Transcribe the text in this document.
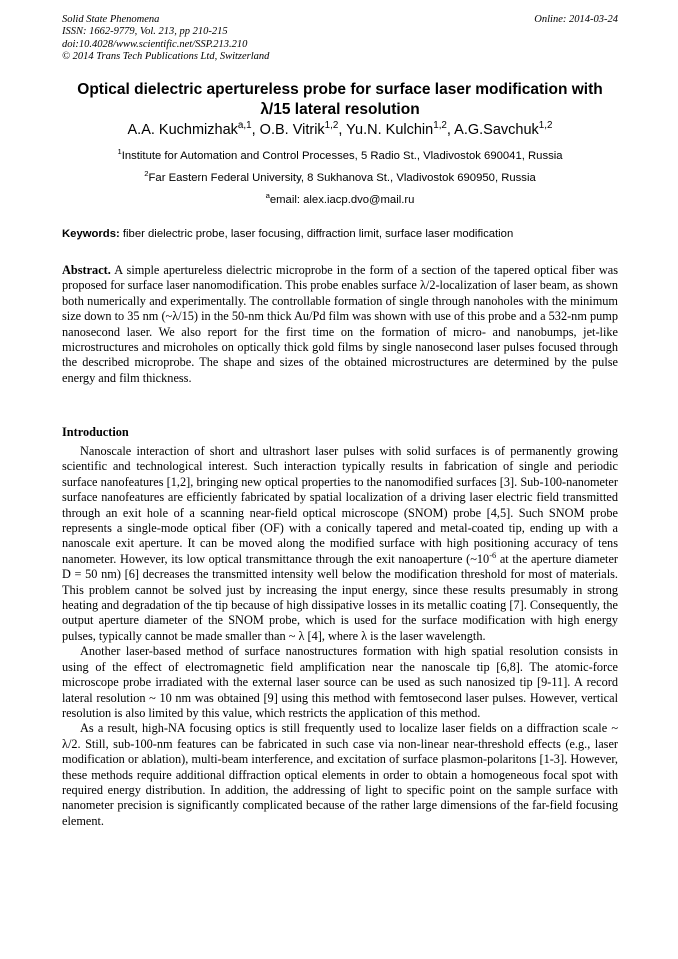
Solid State Phenomena
ISSN: 1662-9779, Vol. 213, pp 210-215
doi:10.4028/www.scientific.net/SSP.213.210
© 2014 Trans Tech Publications Ltd, Switzerland
Online: 2014-03-24
Optical dielectric apertureless probe for surface laser modification with λ/15 lateral resolution
A.A. Kuchmizhak$^{a,1}$, O.B. Vitrik$^{1,2}$, Yu.N. Kulchin$^{1,2}$, A.G.Savchuk$^{1,2}$
$^1$Institute for Automation and Control Processes, 5 Radio St., Vladivostok 690041, Russia
$^2$Far Eastern Federal University, 8 Sukhanova St., Vladivostok 690950, Russia
$^a$email: alex.iacp.dvo@mail.ru
Keywords: fiber dielectric probe, laser focusing, diffraction limit, surface laser modification

Abstract. A simple apertureless dielectric microprobe in the form of a section of the tapered optical fiber was proposed for surface laser nanomodification. This probe enables surface λ/2-localization of laser beam, as shown both numerically and experimentally. The controllable formation of single through nanoholes with the minimum size down to 35 nm (~λ/15) in the 50-nm thick Au/Pd film was shown with use of this probe and a 532-nm pump nanosecond laser. We also report for the first time on the formation of micro- and nanobumps, jet-like microstructures and microholes on optically thick gold films by single nanosecond laser pulses focused through the described microprobe. The shape and sizes of the obtained microstructures are determined by the pulse energy and film thickness.

Introduction

Nanoscale interaction of short and ultrashort laser pulses with solid surfaces is of permanently growing scientific and technological interest. Such interaction typically results in fabrication of single and periodic surface nanofeatures [1,2], bringing new optical properties to the nanomodified surfaces [3]. Sub-100-nanometer surface nanofeatures are efficiently fabricated by spatial localization of a driving laser electric field transmitted through an exit hole of a scanning near-field optical microscope (SNOM) probe [4,5]. Such SNOM probe represents a single-mode optical fiber (OF) with a conically tapered and metal-coated tip, ending up with a nanoscale exit aperture. It can be moved along the modified surface with high positioning accuracy of tens nanometer. However, its low optical transmittance through the exit nanoaperture ($\sim 10^{-6}$ at the aperture diameter D = 50 nm) [6] decreases the transmitted intensity well below the modification threshold for most of materials. This problem cannot be solved just by increasing the input energy, since these results presumably in strong heating and degradation of the tip because of high dissipative losses in its metallic coating [7]. Consequently, the output aperture diameter of the SNOM probe, which is used for the surface modification with high energy pulses, typically cannot be made smaller than ~ λ [4], where λ is the laser wavelength.

Another laser-based method of surface nanostructures formation with high spatial resolution consists in using of the effect of electromagnetic field amplification near the nanoscale tip [6,8]. The atomic-force microscope probe irradiated with the external laser source can be used as such nanosized tip [9-11]. A record lateral resolution ~ 10 nm was obtained [9] using this method with femtosecond laser pulses. However, vertical resolution is also limited by this value, which restricts the application of this method.

As a result, high-NA focusing optics is still frequently used to localize laser fields on a diffraction scale ~ λ/2. Still, sub-100-nm features can be fabricated in such case via non-linear near-threshold effects (e.g., laser modification or ablation), multi-beam interference, and excitation of surface plasmon-polaritons [1-3]. However, these methods require additional diffraction optical elements in order to obtain a homogeneous focal spot with required energy distribution. In addition, the addressing of light to specific point on the sample surface with nanometer precision is significantly complicated because of the rather large dimensions of the far-field focusing element.
